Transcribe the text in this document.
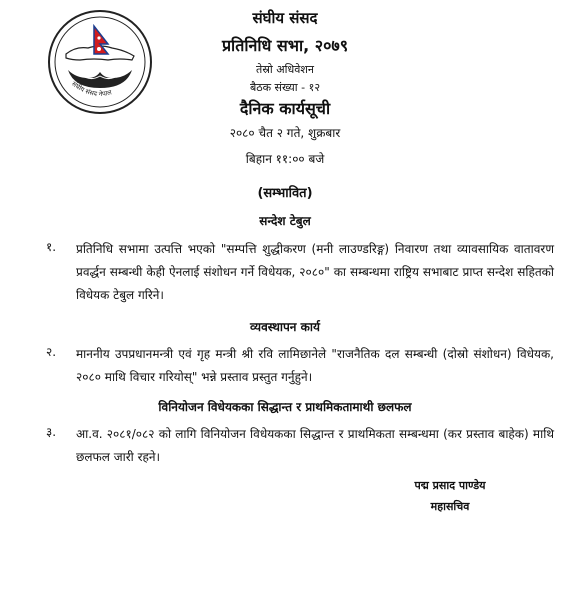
संघीय संसद नेपाल
संघीय संसद
प्रतिनिधि सभा, २०७९
तेस्रो अधिवेशन
बैठक संख्या - १२
दैनिक कार्यसूची
२०८० चैत २ गते, शुक्रबार
बिहान ११:०० बजे
(सम्भावित)
सन्देश टेबुल
१.	प्रतिनिधि सभामा उत्पत्ति भएको "सम्पत्ति शुद्धीकरण (मनी लाउण्डरिङ्ग) निवारण तथा व्यावसायिक वातावरण प्रवर्द्धन सम्बन्धी केही ऐनलाई संशोधन गर्ने विधेयक, २०८०" का सम्बन्धमा राष्ट्रिय सभाबाट प्राप्त सन्देश सहितको विधेयक टेबुल गरिने।
व्यवस्थापन कार्य
२.	माननीय उपप्रधानमन्त्री एवं गृह मन्त्री श्री रवि लामिछानेले "राजनैतिक दल सम्बन्धी (दोस्रो संशोधन) विधेयक, २०८० माथि विचार गरियोस्" भन्ने प्रस्ताव प्रस्तुत गर्नुहुने।
विनियोजन विधेयकका सिद्धान्त र प्राथमिकतामाथी छलफल
३.	आ.व. २०८१/०८२ को लागि विनियोजन विधेयकका सिद्धान्त र प्राथमिकता सम्बन्धमा (कर प्रस्ताव बाहेक) माथि छलफल जारी रहने।
पद्म प्रसाद पाण्डेय
महासचिव
